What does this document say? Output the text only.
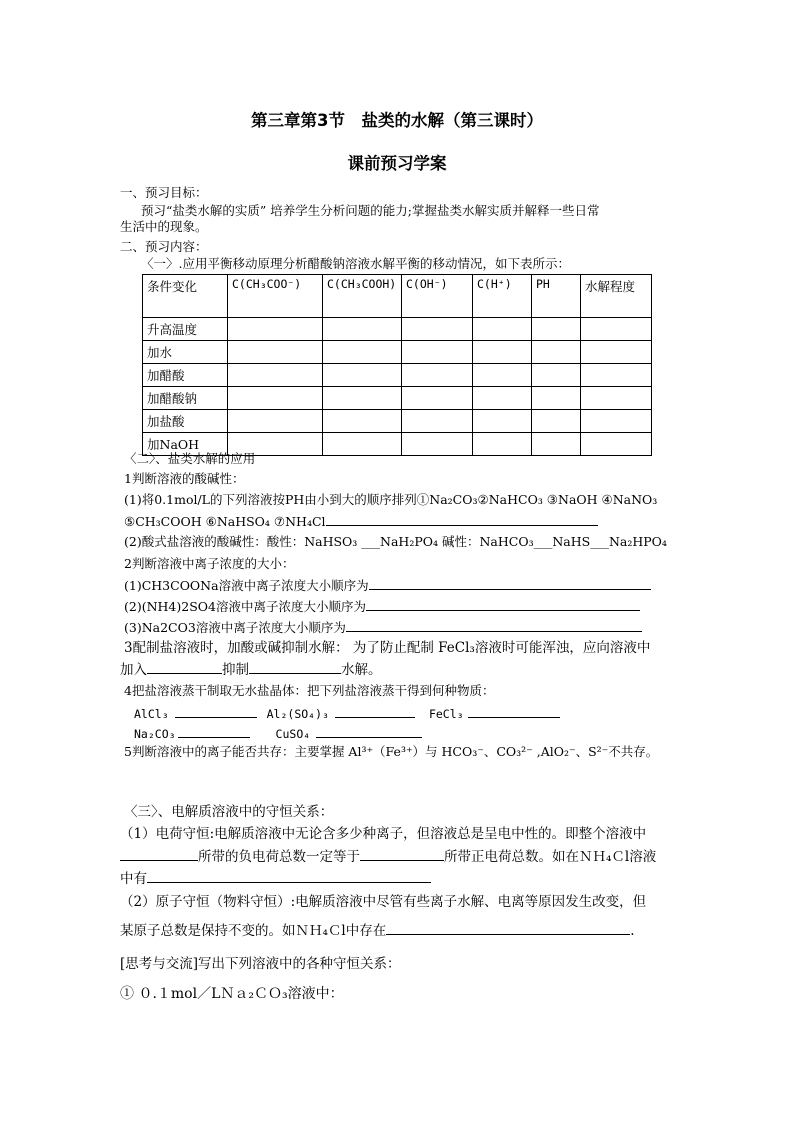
第三章第3节　盐类的水解（第三课时）
课前预习学案
一、预习目标：
预习“盐类水解的实质” 培养学生分析问题的能力;掌握盐类水解实质并解释一些日常
生活中的现象。
二、预习内容：
〈一〉.应用平衡移动原理分析醋酸钠溶液水解平衡的移动情况，如下表所示：
条件变化	C(CH₃COO⁻)	C(CH₃COOH)	C(OH⁻)	C(H⁺)	PH	水解程度
升高温度						
加水						
加醋酸						
加醋酸钠						
加盐酸						
加NaOH						
〈二〉、盐类水解的应用
1判断溶液的酸碱性：
(1)将0.1mol/L的下列溶液按PH由小到大的顺序排列①Na₂CO₃②NaHCO₃ ③NaOH ④NaNO₃
⑤CH₃COOH ⑥NaHSO₄ ⑦NH₄Cl
(2)酸式盐溶液的酸碱性：酸性：NaHSO₃ ___NaH₂PO₄ 碱性：NaHCO₃___NaHS___Na₂HPO₄
2判断溶液中离子浓度的大小：
(1)CH3COONa溶液中离子浓度大小顺序为
(2)(NH4)2SO4溶液中离子浓度大小顺序为
(3)Na2CO3溶液中离子浓度大小顺序为
3配制盐溶液时，加酸或碱抑制水解： 为了防止配制 FeCl₃溶液时可能浑浊，应向溶液中
加入	抑制	水解。
4把盐溶液蒸干制取无水盐晶体：把下列盐溶液蒸干得到何种物质：
AlCl₃	Al₂(SO₄)₃	FeCl₃
Na₂CO₃	CuSO₄
5判断溶液中的离子能否共存：主要掌握 Al³⁺（Fe³⁺）与 HCO₃⁻、CO₃²⁻ ,AlO₂⁻、S²⁻不共存。
〈三〉、电解质溶液中的守恒关系：
（1）电荷守恒:电解质溶液中无论含多少种离子，但溶液总是呈电中性的。即整个溶液中
所带的负电荷总数一定等于	所带正电荷总数。如在ＮＨ₄Ｃl溶液
中有
（2）原子守恒（物料守恒）:电解质溶液中尽管有些离子水解、电离等原因发生改变，但
某原子总数是保持不变的。如ＮＨ₄Ｃl中存在	.
[思考与交流]写出下列溶液中的各种守恒关系：
① ０.１mol／LＮａ₂ＣＯ₃溶液中：
